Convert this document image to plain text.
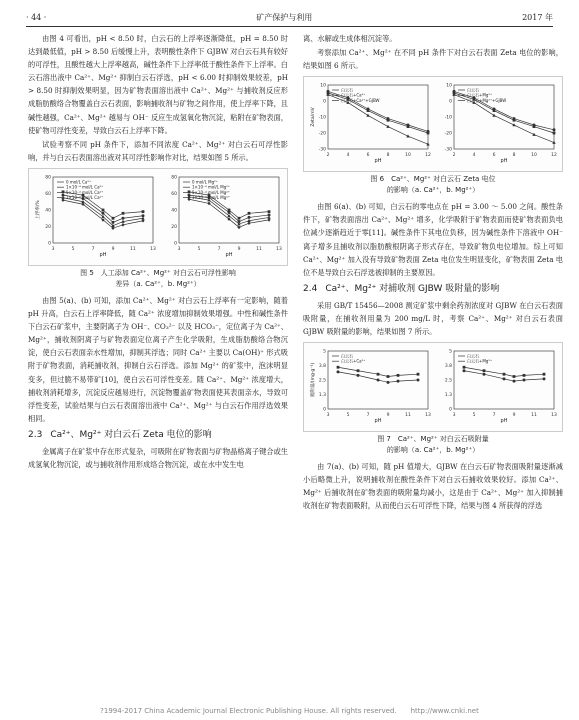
· 44 ·	矿产保护与利用	2017 年

由图 4 可看出，pH < 8.50 时，白云石的上浮率逐渐降低，pH = 8.50 时达到最低值，pH > 8.50 后缓慢上升，表明酸性条件下 GJBW 对白云石具有较好的可浮性，且酸性越大上浮率越高，碱性条件下上浮率低于酸性条件下上浮率。白云石溶出液中 Ca²⁺、Mg²⁺ 抑制白云石浮选，pH < 6.00 时抑制效果较差，pH > 8.50 时抑制效果明显，因为矿物表面溶出液中 Ca²⁺、Mg²⁺ 与捕收剂反应形成脂肪酸络合物覆盖白云石表面，影响捕收剂与矿物之间作用，使上浮率下降，且碱性越强，Ca²⁺、Mg²⁺ 越易与 OH⁻ 反应生成氢氧化物沉淀，粘附在矿物表面，使矿物可浮性变差，导致白云石上浮率下降。

试验考察不同 pH 条件下，添加不同浓度 Ca²⁺、Mg²⁺ 对白云石可浮性影响，并与白云石表面溶出液对其可浮性影响作对比，结果如图 5 所示。

3	5	7	9	11	13
0
20
40
60
80
pH
上浮率/%
0 mol/L Ca²⁺
1×10⁻⁴ mol/L Ca²⁺
5×10⁻⁴ mol/L Ca²⁺
1×10⁻³ mol/L Ca²⁺
3	5	7	9	11	13
0
20
40
60
80
pH
0 mol/L Mg²⁺
1×10⁻⁴ mol/L Mg²⁺
5×10⁻⁴ mol/L Mg²⁺
1×10⁻³ mol/L Mg²⁺
图 5　人工添加 Ca²⁺、Mg²⁺ 对白云石可浮性影响
差异（a. Ca²⁺，b. Mg²⁺）

由图 5(a)、(b) 可知，添加 Ca²⁺、Mg²⁺ 对白云石上浮率有一定影响，随着 pH 升高，白云石上浮率降低，随 Ca²⁺ 浓度增加抑制效果增强。中性和碱性条件下白云石矿浆中，主要阴离子为 OH⁻、CO₃²⁻ 以及 HCO₃⁻，定位离子为 Ca²⁺、Mg²⁺，捕收剂阴离子与矿物表面定位离子产生化学吸附，生成脂肪酸络合物沉淀，使白云石表面亲水性增加，抑制其浮选；同时 Ca²⁺ 主要以 Ca(OH)⁺ 形式吸附于矿物表面，消耗捕收剂，抑制白云石浮选。添加 Mg²⁺ 的矿浆中，泡沫明显变多，但过脆不易带矿[10]，使白云石可浮性变差。随 Ca²⁺、Mg²⁺ 浓度增大，捕收剂消耗增多，沉淀反应越易进行，沉淀物覆盖矿物表面使其表面亲水，导致可浮性变差，试验结果与白云石表面溶出液中 Ca²⁺、Mg²⁺ 与白云石作用浮选效果相同。

2.3 Ca²⁺、Mg²⁺ 对白云石 Zeta 电位的影响

金属离子在矿浆中存在形式复杂，可吸附在矿物表面与矿物晶格离子键合或生成氢氧化物沉淀，或与捕收剂作用形成络合物沉淀，或在水中发生电

离、水解或生成体相沉淀等。

考察添加 Ca²⁺、Mg²⁺ 在不同 pH 条件下对白云石表面 Zeta 电位的影响，结果如图 6 所示。

2	4	6	8	10	12
-30
-20
-10
0
10
pH
Zeta/mV
白云石
白云石+Ca²⁺
白云石+Ca²⁺+GJBW
2	4	6	8	10	12
-30
-20
-10
0
10
pH
白云石
白云石+Mg²⁺
白云石+Mg²⁺+GJBW
图 6　Ca²⁺、Mg²⁺ 对白云石 Zeta 电位
的影响（a. Ca²⁺，b. Mg²⁺）

由图 6(a)、(b) 可知，白云石的零电点在 pH = 3.00 ～ 5.00 之间。酸性条件下，矿物表面溶出 Ca²⁺、Mg²⁺ 增多，化学吸附于矿物表面而使矿物表面负电位减少逐渐趋近于零[11]。碱性条件下其电位负移，因为碱性条件下溶液中 OH⁻ 离子增多且捕收剂以脂肪酸根阴离子形式存在，导致矿物负电位增加。综上可知 Ca²⁺、Mg²⁺ 加入没有导致矿物表面 Zeta 电位发生明显变化，矿物表面 Zeta 电位不是导致白云石浮选被抑制的主要原因。

2.4 Ca²⁺、Mg²⁺ 对捕收剂 GJBW 吸附量的影响

采用 GB/T 15456—2008 测定矿浆中剩余药剂浓度对 GJBW 在白云石表面吸附量，在捕收剂用量为 200 mg/L 时，考察 Ca²⁺、Mg²⁺ 对白云石表面 GJBW 吸附量的影响，结果如图 7 所示。

3	5	7	9	11	13
0
1.3
2.5
3.8
5
pH
吸附量/(mg·g⁻¹)
白云石
白云石+Ca²⁺
3	5	7	9	11	13
0
1.3
2.5
3.8
5
pH
白云石
白云石+Mg²⁺
图 7　Ca²⁺、Mg²⁺ 对白云石吸附量
的影响（a. Ca²⁺，b. Mg²⁺）

由 7(a)、(b) 可知，随 pH 值增大，GJBW 在白云石矿物表面吸附量逐渐减小后略微上升，说明捕收剂在酸性条件下对白云石捕收效果较好。添加 Ca²⁺、Mg²⁺ 后捕收剂在矿物表面的吸附量均减小，这是由于 Ca²⁺、Mg²⁺ 加入抑制捕收剂在矿物表面吸附，从而使白云石可浮性下降，结果与图 4 所获得的浮选

?1994-2017 China Academic Journal Electronic Publishing House. All rights reserved.　　http://www.cnki.net
